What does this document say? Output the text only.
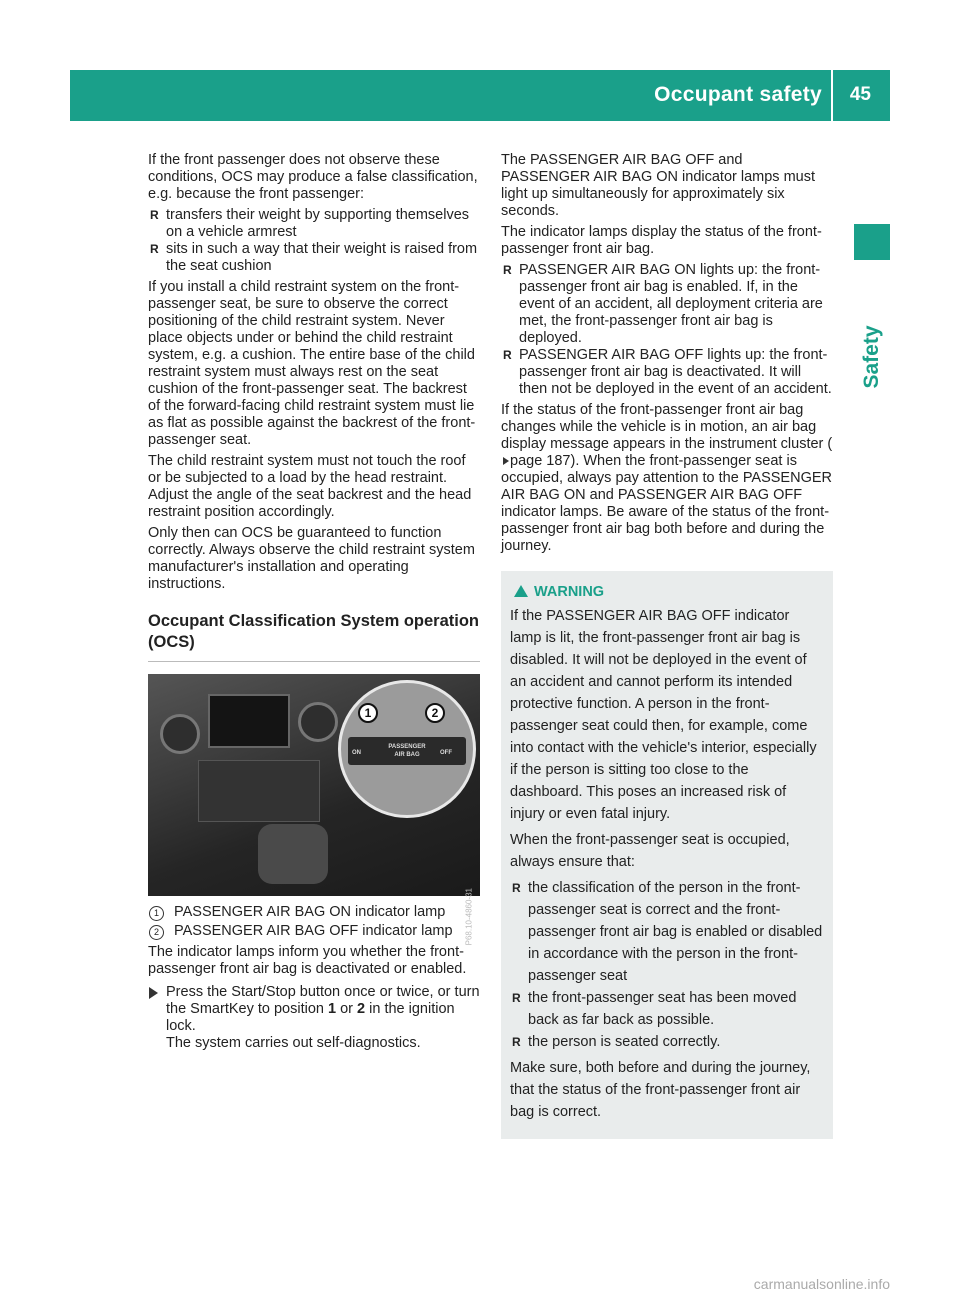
Occupant safety 45
Safety

If the front passenger does not observe these conditions, OCS may produce a false classification, e.g. because the front passenger:

R transfers their weight by supporting themselves on a vehicle armrest
R sits in such a way that their weight is raised from the seat cushion

If you install a child restraint system on the front-passenger seat, be sure to observe the correct positioning of the child restraint system. Never place objects under or behind the child restraint system, e.g. a cushion. The entire base of the child restraint system must always rest on the seat cushion of the front-passenger seat. The backrest of the forward-facing child restraint system must lie as flat as possible against the backrest of the front-passenger seat.

The child restraint system must not touch the roof or be subjected to a load by the head restraint. Adjust the angle of the seat backrest and the head restraint position accordingly.

Only then can OCS be guaranteed to function correctly. Always observe the child restraint system manufacturer's installation and operating instructions.

Occupant Classification System operation (OCS)
1	2
ON
PASSENGER
AIR BAG	OFF
P68.10-4860-31
1	PASSENGER AIR BAG ON indicator lamp
2	PASSENGER AIR BAG OFF indicator lamp

The indicator lamps inform you whether the front-passenger front air bag is deactivated or enabled.

Press the Start/Stop button once or twice, or turn the SmartKey to position 1 or 2 in the ignition lock.
The system carries out self-diagnostics.

The PASSENGER AIR BAG OFF and PASSENGER AIR BAG ON indicator lamps must light up simultaneously for approximately six seconds.

The indicator lamps display the status of the front-passenger front air bag.

R PASSENGER AIR BAG ON lights up: the front-passenger front air bag is enabled. If, in the event of an accident, all deployment criteria are met, the front-passenger front air bag is deployed.
R PASSENGER AIR BAG OFF lights up: the front-passenger front air bag is deactivated. It will then not be deployed in the event of an accident.

If the status of the front-passenger front air bag changes while the vehicle is in motion, an air bag display message appears in the instrument cluster (page 187). When the front-passenger seat is occupied, always pay attention to the PASSENGER AIR BAG ON and PASSENGER AIR BAG OFF indicator lamps. Be aware of the status of the front-passenger front air bag both before and during the journey.

WARNING

If the PASSENGER AIR BAG OFF indicator lamp is lit, the front-passenger front air bag is disabled. It will not be deployed in the event of an accident and cannot perform its intended protective function. A person in the front-passenger seat could then, for example, come into contact with the vehicle's interior, especially if the person is sitting too close to the dashboard. This poses an increased risk of injury or even fatal injury.

When the front-passenger seat is occupied, always ensure that:

R the classification of the person in the front-passenger seat is correct and the front-passenger front air bag is enabled or disabled in accordance with the person in the front-passenger seat
R the front-passenger seat has been moved back as far back as possible.
R the person is seated correctly.

Make sure, both before and during the journey, that the status of the front-passenger front air bag is correct.

carmanualsonline.info
